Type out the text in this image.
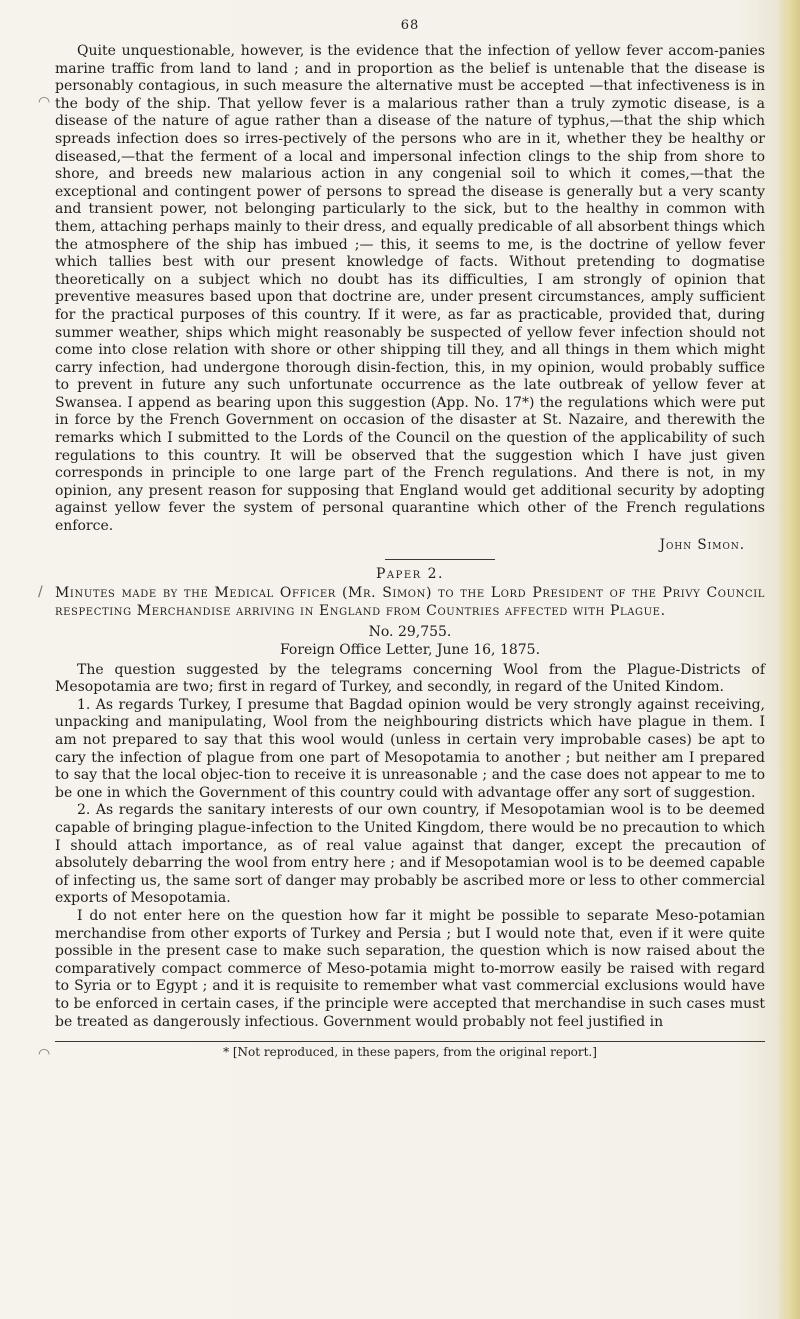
◠
◠
/
68

Quite unquestionable, however, is the evidence that the infection of yellow fever accom-panies marine traffic from land to land ; and in proportion as the belief is untenable that the disease is personably contagious, in such measure the alternative must be accepted —that infectiveness is in the body of the ship. That yellow fever is a malarious rather than a truly zymotic disease, is a disease of the nature of ague rather than a disease of the nature of typhus,—that the ship which spreads infection does so irres-pectively of the persons who are in it, whether they be healthy or diseased,—that the ferment of a local and impersonal infection clings to the ship from shore to shore, and breeds new malarious action in any congenial soil to which it comes,—that the exceptional and contingent power of persons to spread the disease is generally but a very scanty and transient power, not belonging particularly to the sick, but to the healthy in common with them, attaching perhaps mainly to their dress, and equally predicable of all absorbent things which the atmosphere of the ship has imbued ;— this, it seems to me, is the doctrine of yellow fever which tallies best with our present knowledge of facts. Without pretending to dogmatise theoretically on a subject which no doubt has its difficulties, I am strongly of opinion that preventive measures based upon that doctrine are, under present circumstances, amply sufficient for the practical purposes of this country. If it were, as far as practicable, provided that, during summer weather, ships which might reasonably be suspected of yellow fever infection should not come into close relation with shore or other shipping till they, and all things in them which might carry infection, had undergone thorough disin-fection, this, in my opinion, would probably suffice to prevent in future any such unfortunate occurrence as the late outbreak of yellow fever at Swansea. I append as bearing upon this suggestion (App. No. 17*) the regulations which were put in force by the French Government on occasion of the disaster at St. Nazaire, and therewith the remarks which I submitted to the Lords of the Council on the question of the applicability of such regulations to this country. It will be observed that the suggestion which I have just given corresponds in principle to one large part of the French regulations. And there is not, in my opinion, any present reason for supposing that England would get additional security by adopting against yellow fever the system of personal quarantine which other of the French regulations enforce.

John Simon.
Paper 2.
Minutes made by the Medical Officer (Mr. Simon) to the Lord President of the Privy Council respecting Merchandise arriving in England from Countries affected with Plague.
No. 29,755.
Foreign Office Letter, June 16, 1875.

The question suggested by the telegrams concerning Wool from the Plague-Districts of Mesopotamia are two; first in regard of Turkey, and secondly, in regard of the United Kindom.

1. As regards Turkey, I presume that Bagdad opinion would be very strongly against receiving, unpacking and manipulating, Wool from the neighbouring districts which have plague in them. I am not prepared to say that this wool would (unless in certain very improbable cases) be apt to cary the infection of plague from one part of Mesopotamia to another ; but neither am I prepared to say that the local objec-tion to receive it is unreasonable ; and the case does not appear to me to be one in which the Government of this country could with advantage offer any sort of suggestion.

2. As regards the sanitary interests of our own country, if Mesopotamian wool is to be deemed capable of bringing plague-infection to the United Kingdom, there would be no precaution to which I should attach importance, as of real value against that danger, except the precaution of absolutely debarring the wool from entry here ; and if Mesopotamian wool is to be deemed capable of infecting us, the same sort of danger may probably be ascribed more or less to other commercial exports of Mesopotamia.

I do not enter here on the question how far it might be possible to separate Meso-potamian merchandise from other exports of Turkey and Persia ; but I would note that, even if it were quite possible in the present case to make such separation, the question which is now raised about the comparatively compact commerce of Meso-potamia might to-morrow easily be raised with regard to Syria or to Egypt ; and it is requisite to remember what vast commercial exclusions would have to be enforced in certain cases, if the principle were accepted that merchandise in such cases must be treated as dangerously infectious. Government would probably not feel justified in

* [Not reproduced, in these papers, from the original report.]
